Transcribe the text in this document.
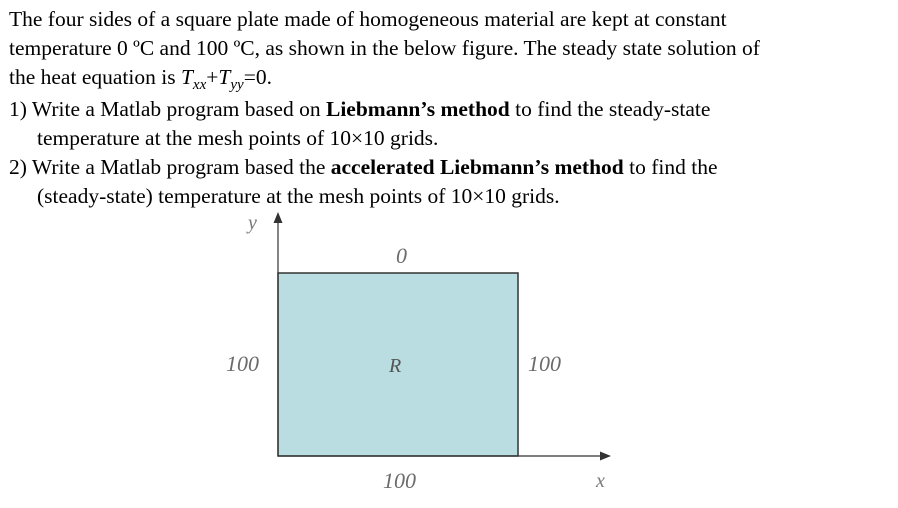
The four sides of a square plate made of homogeneous material are kept at constant
temperature 0 ºC and 100 ºC, as shown in the below figure. The steady state solution of
the heat equation is $T_{xx}+T_{yy}=0$.
1) Write a Matlab program based on Liebmann’s method to find the steady-state
temperature at the mesh points of 10×10 grids.
2) Write a Matlab program based the accelerated Liebmann’s method to find the
(steady-state) temperature at the mesh points of 10×10 grids.
y
x
0
100	100
100
R
